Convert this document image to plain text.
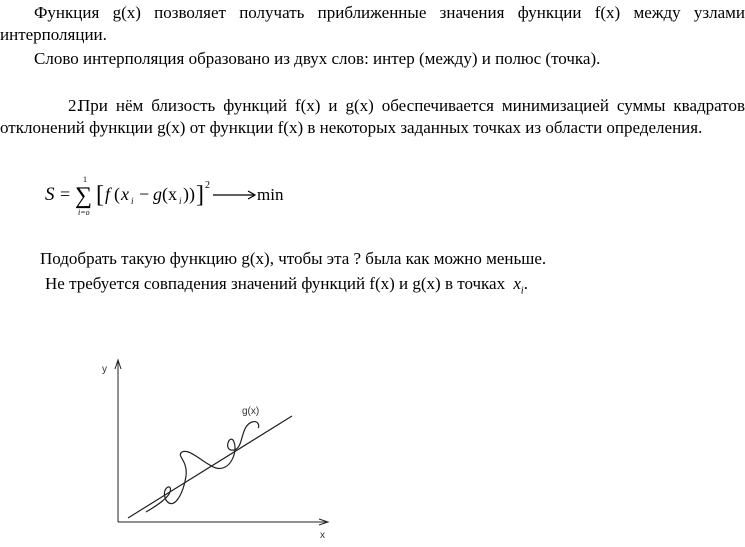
Функция g(x) позволяет получать приближенные значения функции f(x) между узлами интерполяции.
Слово интерполяция образовано из двух слов: интер (между) и полюс (точка).
2.При нём близость функций f(x) и g(x) обеспечивается минимизацией суммы квадратов отклонений функции g(x) от функции f(x) в некоторых заданных точках из области определения.
S = ∑
1
i=o
[ f ( x i − g (x i )) ] 2	min
Подобрать такую функцию g(x), чтобы эта ? была как можно меньше.
Не требуется совпадения значений функций f(x) и g(x) в точках $x_i$.
y
x
g(x)
